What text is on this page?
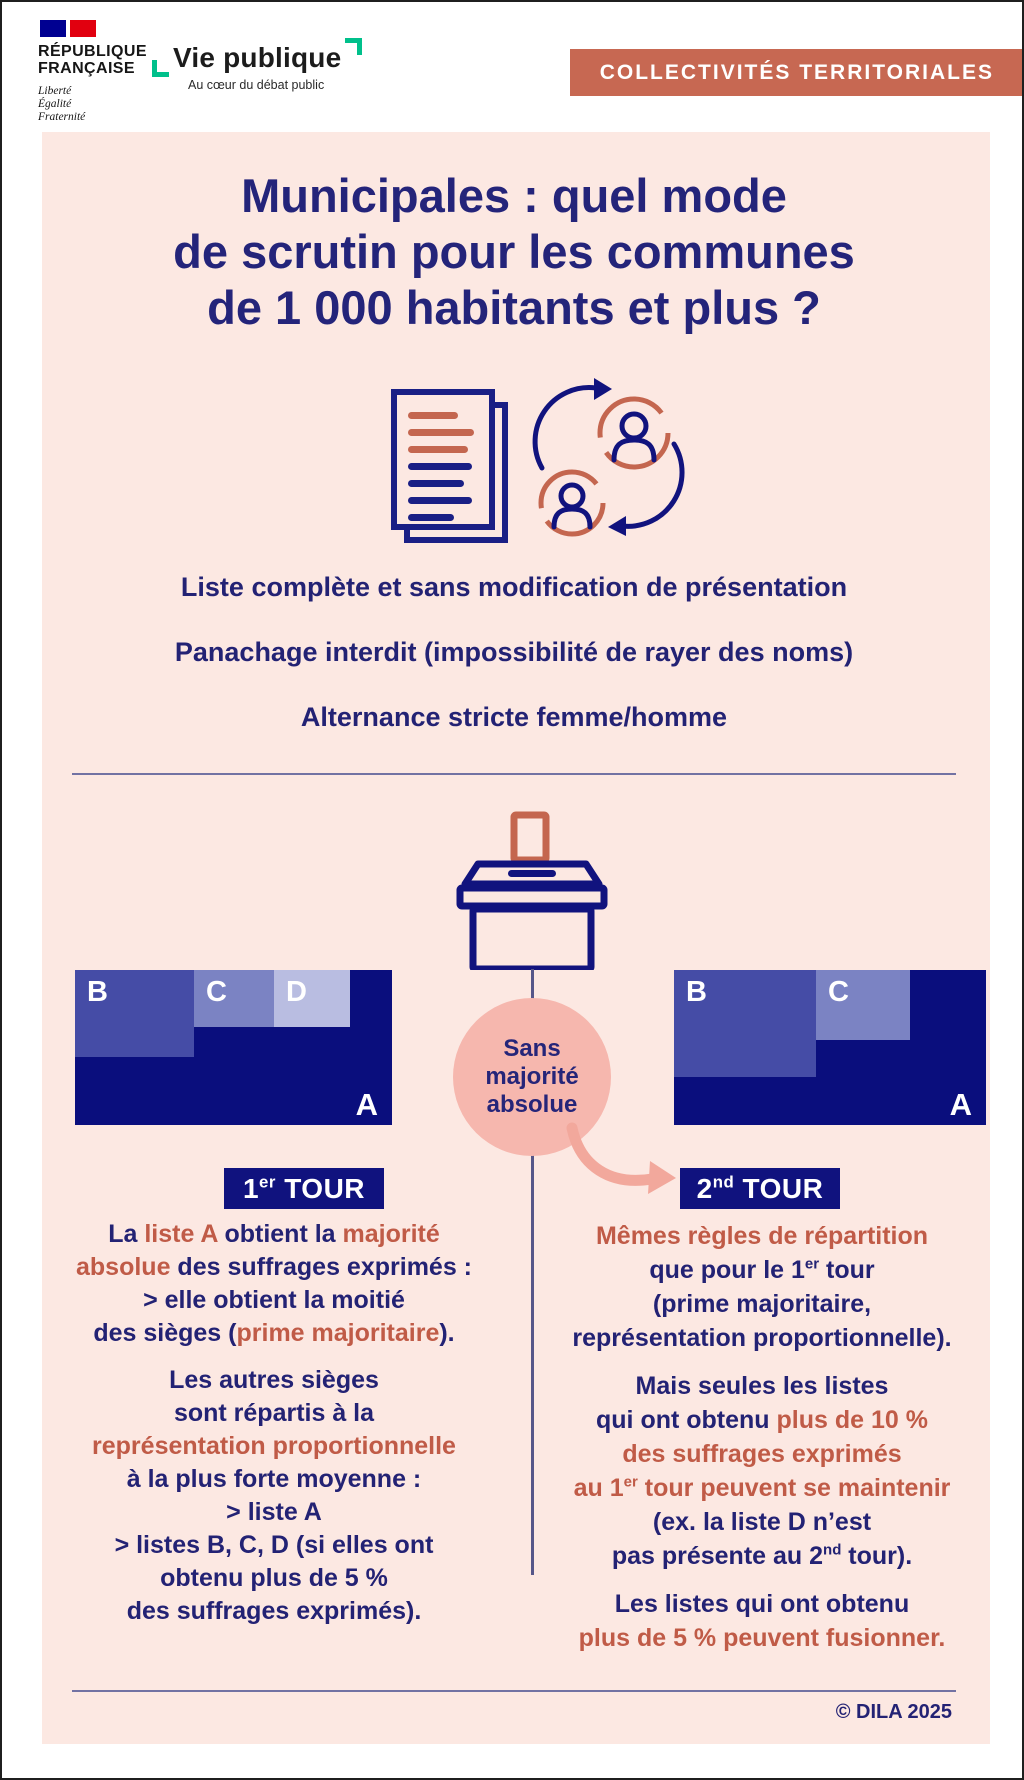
RÉPUBLIQUE
FRANÇAISE
Liberté
Égalité
Fraternité
Vie publique
Au cœur du débat public
COLLECTIVITÉS TERRITORIALES
Municipales : quel mode
de scrutin pour les communes
de 1 000 habitants et plus ?
Liste complète et sans modification de présentation
Panachage interdit (impossibilité de rayer des noms)
Alternance stricte femme/homme
B	C D
A
B	C
A
Sans
majorité
absolue
1er TOUR	2nd TOUR
La liste A obtient la majorité
absolue des suffrages exprimés :
> elle obtient la moitié
des sièges (prime majoritaire).
Les autres sièges
sont répartis à la
représentation proportionnelle
à la plus forte moyenne :
> liste A
> listes B, C, D (si elles ont
obtenu plus de 5 %
des suffrages exprimés).
Mêmes règles de répartition
que pour le 1er tour
(prime majoritaire,
représentation proportionnelle).
Mais seules les listes
qui ont obtenu plus de 10 %
des suffrages exprimés
au 1er tour peuvent se maintenir
(ex. la liste D n’est
pas présente au 2nd tour).
Les listes qui ont obtenu
plus de 5 % peuvent fusionner.
© DILA 2025
